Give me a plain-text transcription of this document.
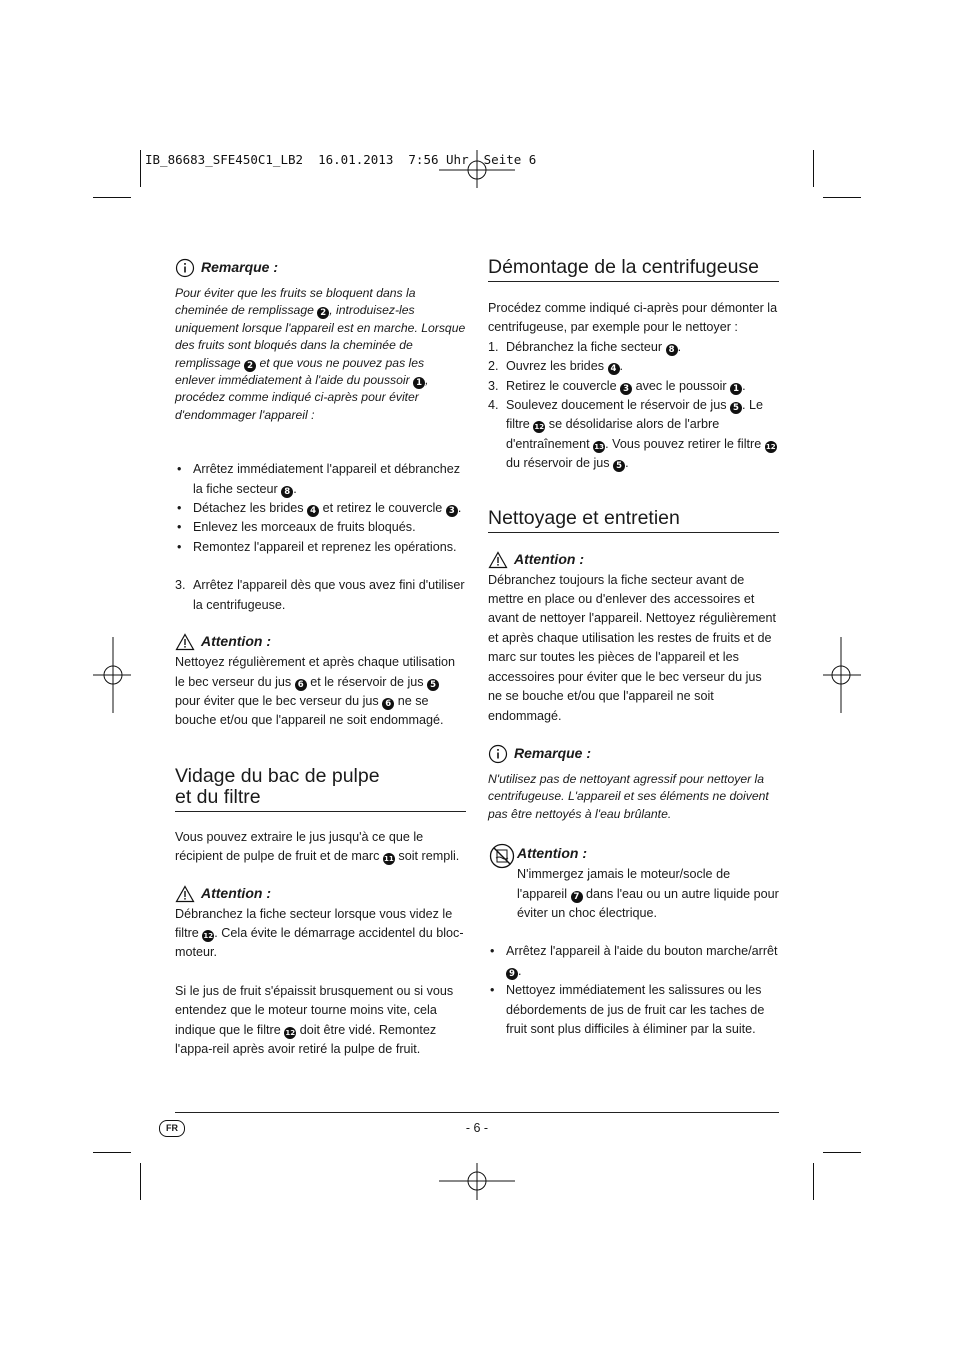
IB_86683_SFE450C1_LB2  16.01.2013  7:56 Uhr  Seite 6
Remarque :

Pour éviter que les fruits se bloquent dans la cheminée de remplissage 2 , introduisez-les uniquement lorsque l'appareil est en marche. Lorsque des fruits sont bloqués dans la cheminée de remplissage 2 et que vous ne pouvez pas les enlever immédiatement à l'aide du poussoir 1 , procédez comme indiqué ci-après pour éviter d'endommager l'appareil :

• Arrêtez immédiatement l'appareil et débranchez la fiche secteur 8 .
• Détachez les brides 4 et retirez le couvercle 3 .
• Enlevez les morceaux de fruits bloqués.
• Remontez l'appareil et reprenez les opérations.
3. Arrêtez l'appareil dès que vous avez fini d'utiliser la centrifugeuse.
Attention :

Nettoyez régulièrement et après chaque utilisation le bec verseur du jus 6 et le réservoir de jus 5 pour éviter que le bec verseur du jus 6 ne se bouche et/ou que l'appareil ne soit endommagé.

Vidage du bac de pulpe
et du filtre

Vous pouvez extraire le jus jusqu'à ce que le récipient de pulpe de fruit et de marc 11 soit rempli.

Attention :

Débranchez la fiche secteur lorsque vous videz le filtre 12. Cela évite le démarrage accidentel du bloc-moteur.

Si le jus de fruit s'épaissit brusquement ou si vous entendez que le moteur tourne moins vite, cela indique que le filtre 12 doit être vidé. Remontez l'appa-reil après avoir retiré la pulpe de fruit.

Démontage de la centrifugeuse

Procédez comme indiqué ci-après pour démonter la centrifugeuse, par exemple pour le nettoyer :

1. Débranchez la fiche secteur 8 .
2. Ouvrez les brides 4 .
3. Retirez le couvercle 3 avec le poussoir 1 .
4. Soulevez doucement le réservoir de jus 5 . Le filtre 12 se désolidarise alors de l'arbre d'entraînement 13. Vous pouvez retirer le filtre 12 du réservoir de jus 5 .
Nettoyage et entretien
Attention :

Débranchez toujours la fiche secteur avant de mettre en place ou d'enlever des accessoires et avant de nettoyer l'appareil. Nettoyez régulièrement et après chaque utilisation les restes de fruits et de marc sur toutes les pièces de l'appareil et les accessoires pour éviter que le bec verseur du jus ne se bouche et/ou que l'appareil ne soit endommagé.

Remarque :

N'utilisez pas de nettoyant agressif pour nettoyer la centrifugeuse. L'appareil et ses éléments ne doivent pas être nettoyés à l'eau brûlante.

Attention :

N'immergez jamais le moteur/socle de l'appareil 7 dans l'eau ou un autre liquide pour éviter un choc électrique.

• Arrêtez l'appareil à l'aide du bouton marche/arrêt 9 .
• Nettoyez immédiatement les salissures ou les débordements de jus de fruit car les taches de fruit sont plus difficiles à éliminer par la suite.
FR	- 6 -
